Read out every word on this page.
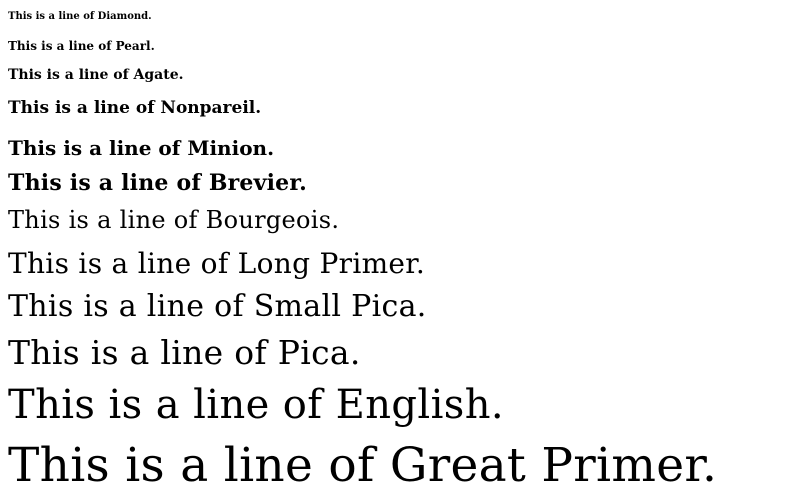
This is a line of Diamond.
This is a line of Pearl.
This is a line of Agate.
This is a line of Nonpareil.
This is a line of Minion.
This is a line of Brevier.
This is a line of Bourgeois.
This is a line of Long Primer.
This is a line of Small Pica.
This is a line of Pica.
This is a line of English.
This is a line of Great Primer.
